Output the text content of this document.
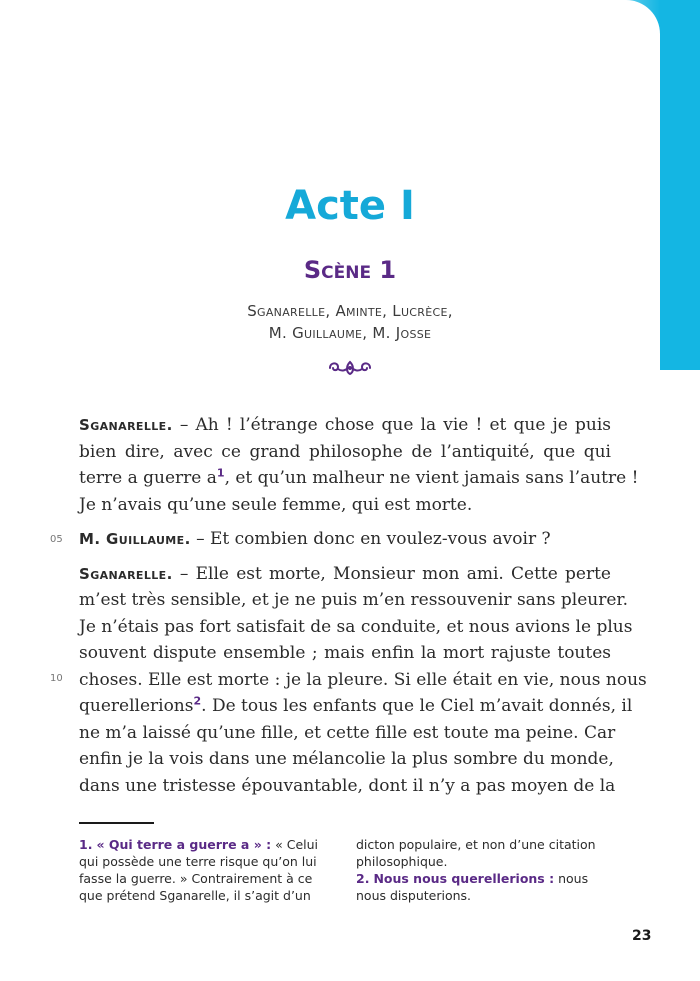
Acte I
Scène 1
Sganarelle, Aminte, Lucrèce,
M. Guillaume, M. Josse
Sganarelle. – Ah ! l’étrange chose que la vie ! et que je puis
bien dire, avec ce grand philosophe de l’antiquité, que qui
terre a guerre a$^1$, et qu’un malheur ne vient jamais sans l’autre !
Je n’avais qu’une seule femme, qui est morte.
M. Guillaume. – Et combien donc en voulez-vous avoir ?
Sganarelle. – Elle est morte, Monsieur mon ami. Cette perte
m’est très sensible, et je ne puis m’en ressouvenir sans pleurer.
Je n’étais pas fort satisfait de sa conduite, et nous avions le plus
souvent dispute ensemble ; mais enfin la mort rajuste toutes
choses. Elle est morte : je la pleure. Si elle était en vie, nous nous
querellerions$^2$. De tous les enfants que le Ciel m’avait donnés, il
ne m’a laissé qu’une fille, et cette fille est toute ma peine. Car
enfin je la vois dans une mélancolie la plus sombre du monde,
dans une tristesse épouvantable, dont il n’y a pas moyen de la
05
10
1. « Qui terre a guerre a » : « Celui qui possède une terre risque qu’on lui fasse la guerre. » Contrairement à ce que prétend Sganarelle, il s’agit d’un
dicton populaire, et non d’une citation philosophique.
2. Nous nous querellerions : nous nous disputerions.
23
